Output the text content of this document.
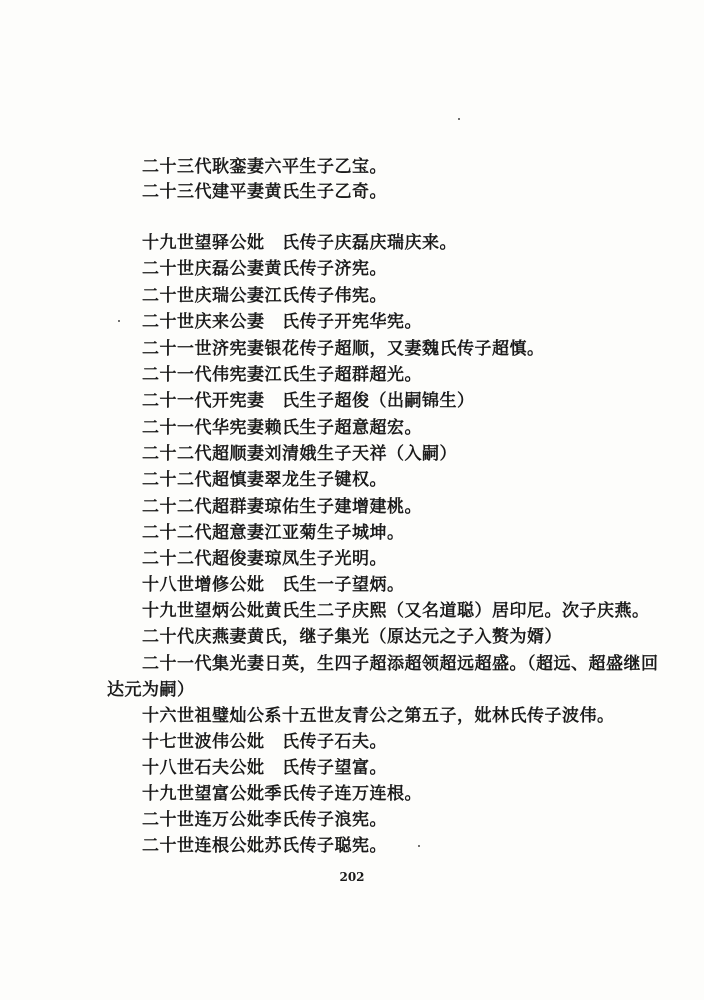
二十三代耿銮妻六平生子乙宝。
二十三代建平妻黄氏生子乙奇。
十九世望驿公妣　氏传子庆磊庆瑞庆来。
二十世庆磊公妻黄氏传子济宪。
二十世庆瑞公妻江氏传子伟宪。
二十世庆来公妻　氏传子开宪华宪。
二十一世济宪妻银花传子超顺，又妻魏氏传子超慎。
二十一代伟宪妻江氏生子超群超光。
二十一代开宪妻　氏生子超俊（出嗣锦生）
二十一代华宪妻赖氏生子超意超宏。
二十二代超顺妻刘清娥生子天祥（入嗣）
二十二代超慎妻翠龙生子键权。
二十二代超群妻琼佑生子建增建桃。
二十二代超意妻江亚菊生子城坤。
二十二代超俊妻琼凤生子光明。
十八世增修公妣　氏生一子望炳。
十九世望炳公妣黄氏生二子庆熙（又名道聪）居印尼。次子庆燕。
二十代庆燕妻黄氏，继子集光（原达元之子入赘为婿）
二十一代集光妻日英，生四子超添超领超远超盛。（超远、超盛继回
达元为嗣）
十六世祖璧灿公系十五世友青公之第五子，妣林氏传子波伟。
十七世波伟公妣　氏传子石夫。
十八世石夫公妣　氏传子望富。
十九世望富公妣季氏传子连万连根。
二十世连万公妣李氏传子浪宪。
二十世连根公妣苏氏传子聪宪。
202
